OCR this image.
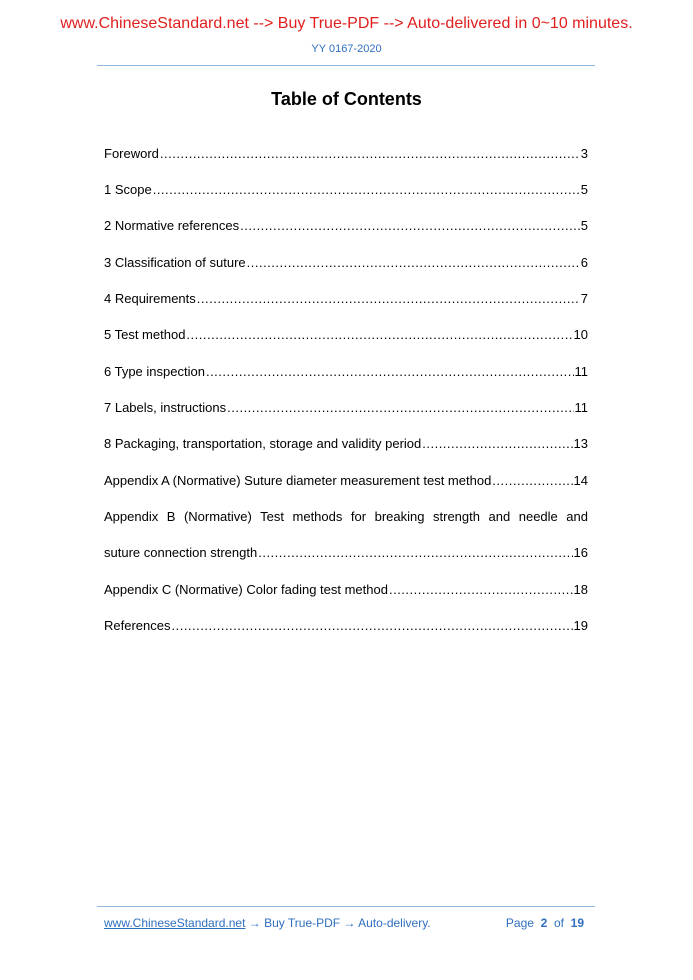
www.ChineseStandard.net --> Buy True-PDF --> Auto-delivered in 0~10 minutes.
YY 0167-2020
Table of Contents
Foreword .....	3
1 Scope .....	5
2 Normative references .....	5
3 Classification of suture .....	6
4 Requirements .....	7
5 Test method .....	10
6 Type inspection .....	11
7 Labels, instructions .....	11
8 Packaging, transportation, storage and validity period .....	13
Appendix A (Normative) Suture diameter measurement test method .....	14
Appendix B (Normative) Test methods for breaking strength and needle and
suture connection strength .....	16
Appendix C (Normative) Color fading test method .....	18
References .....	19
www.ChineseStandard.net → Buy True-PDF → Auto-delivery.	Page 2 of 19
